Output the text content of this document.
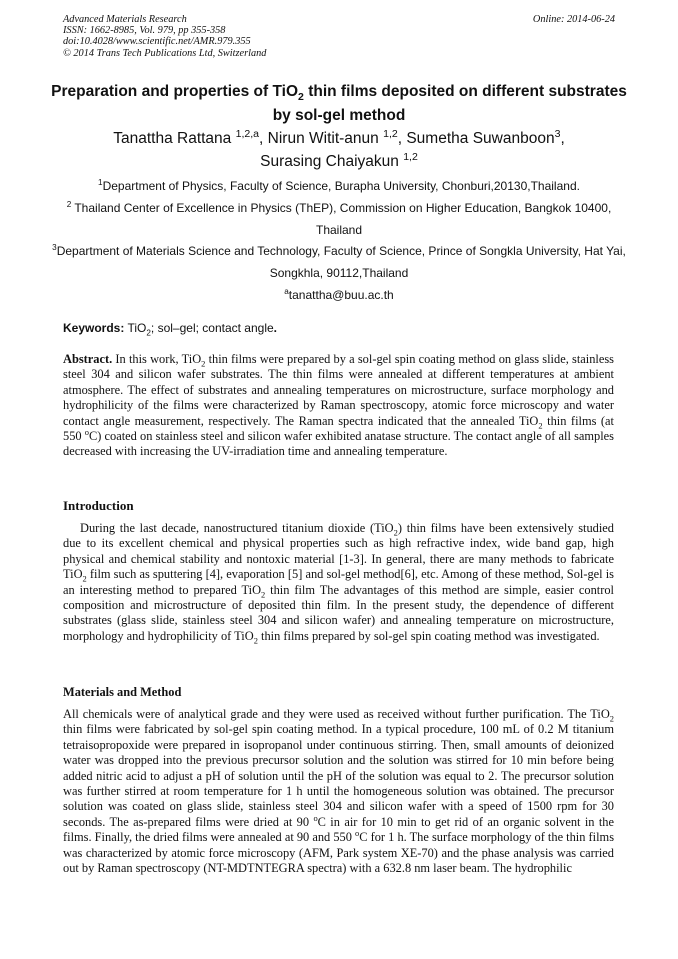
Advanced Materials Research
ISSN: 1662-8985, Vol. 979, pp 355-358
doi:10.4028/www.scientific.net/AMR.979.355
© 2014 Trans Tech Publications Ltd, Switzerland
Online: 2014-06-24
Preparation and properties of TiO$_2$ thin films deposited on different substrates by sol-gel method
Tanattha Rattana $^{1,2,a}$, Nirun Witit-anun $^{1,2}$, Sumetha Suwanboon$^3$,
Surasing Chaiyakun $^{1,2}$
$^1$Department of Physics, Faculty of Science, Burapha University, Chonburi,20130,Thailand.
$^2$ Thailand Center of Excellence in Physics (ThEP), Commission on Higher Education, Bangkok 10400, Thailand
$^3$Department of Materials Science and Technology, Faculty of Science, Prince of Songkla University, Hat Yai, Songkhla, 90112,Thailand
$^a$tanattha@buu.ac.th
Keywords: TiO$_2$; sol–gel; contact angle.
Abstract. In this work, TiO$_2$ thin films were prepared by a sol-gel spin coating method on glass slide, stainless steel 304 and silicon wafer substrates. The thin films were annealed at different temperatures at ambient atmosphere. The effect of substrates and annealing temperatures on microstructure, surface morphology and hydrophilicity of the films were characterized by Raman spectroscopy, atomic force microscopy and water contact angle measurement, respectively. The Raman spectra indicated that the annealed TiO$_2$ thin films (at 550 $^o$C) coated on stainless steel and silicon wafer exhibited anatase structure. The contact angle of all samples decreased with increasing the UV-irradiation time and annealing temperature.
Introduction
During the last decade, nanostructured titanium dioxide (TiO$_2$) thin films have been extensively studied due to its excellent chemical and physical properties such as high refractive index, wide band gap, high physical and chemical stability and nontoxic material [1-3]. In general, there are many methods to fabricate TiO$_2$ film such as sputtering [4], evaporation [5] and sol-gel method[6], etc. Among of these method, Sol-gel is an interesting method to prepared TiO$_2$ thin film The advantages of this method are simple, easier control composition and microstructure of deposited thin film. In the present study, the dependence of different substrates (glass slide, stainless steel 304 and silicon wafer) and annealing temperature on microstructure, morphology and hydrophilicity of TiO$_2$ thin films prepared by sol-gel spin coating method was investigated.
Materials and Method
All chemicals were of analytical grade and they were used as received without further purification. The TiO$_2$ thin films were fabricated by sol-gel spin coating method. In a typical procedure, 100 mL of 0.2 M titanium tetraisopropoxide were prepared in isopropanol under continuous stirring. Then, small amounts of deionized water was dropped into the previous precursor solution and the solution was stirred for 10 min before being added nitric acid to adjust a pH of solution until the pH of the solution was equal to 2. The precursor solution was further stirred at room temperature for 1 h until the homogeneous solution was obtained. The precursor solution was coated on glass slide, stainless steel 304 and silicon wafer with a speed of 1500 rpm for 30 seconds. The as-prepared films were dried at 90 $^o$C in air for 10 min to get rid of an organic solvent in the films. Finally, the dried films were annealed at 90 and 550 $^o$C for 1 h. The surface morphology of the thin films was characterized by atomic force microscopy (AFM, Park system XE-70) and the phase analysis was carried out by Raman spectroscopy (NT-MDTNTEGRA spectra) with a 632.8 nm laser beam. The hydrophilic
